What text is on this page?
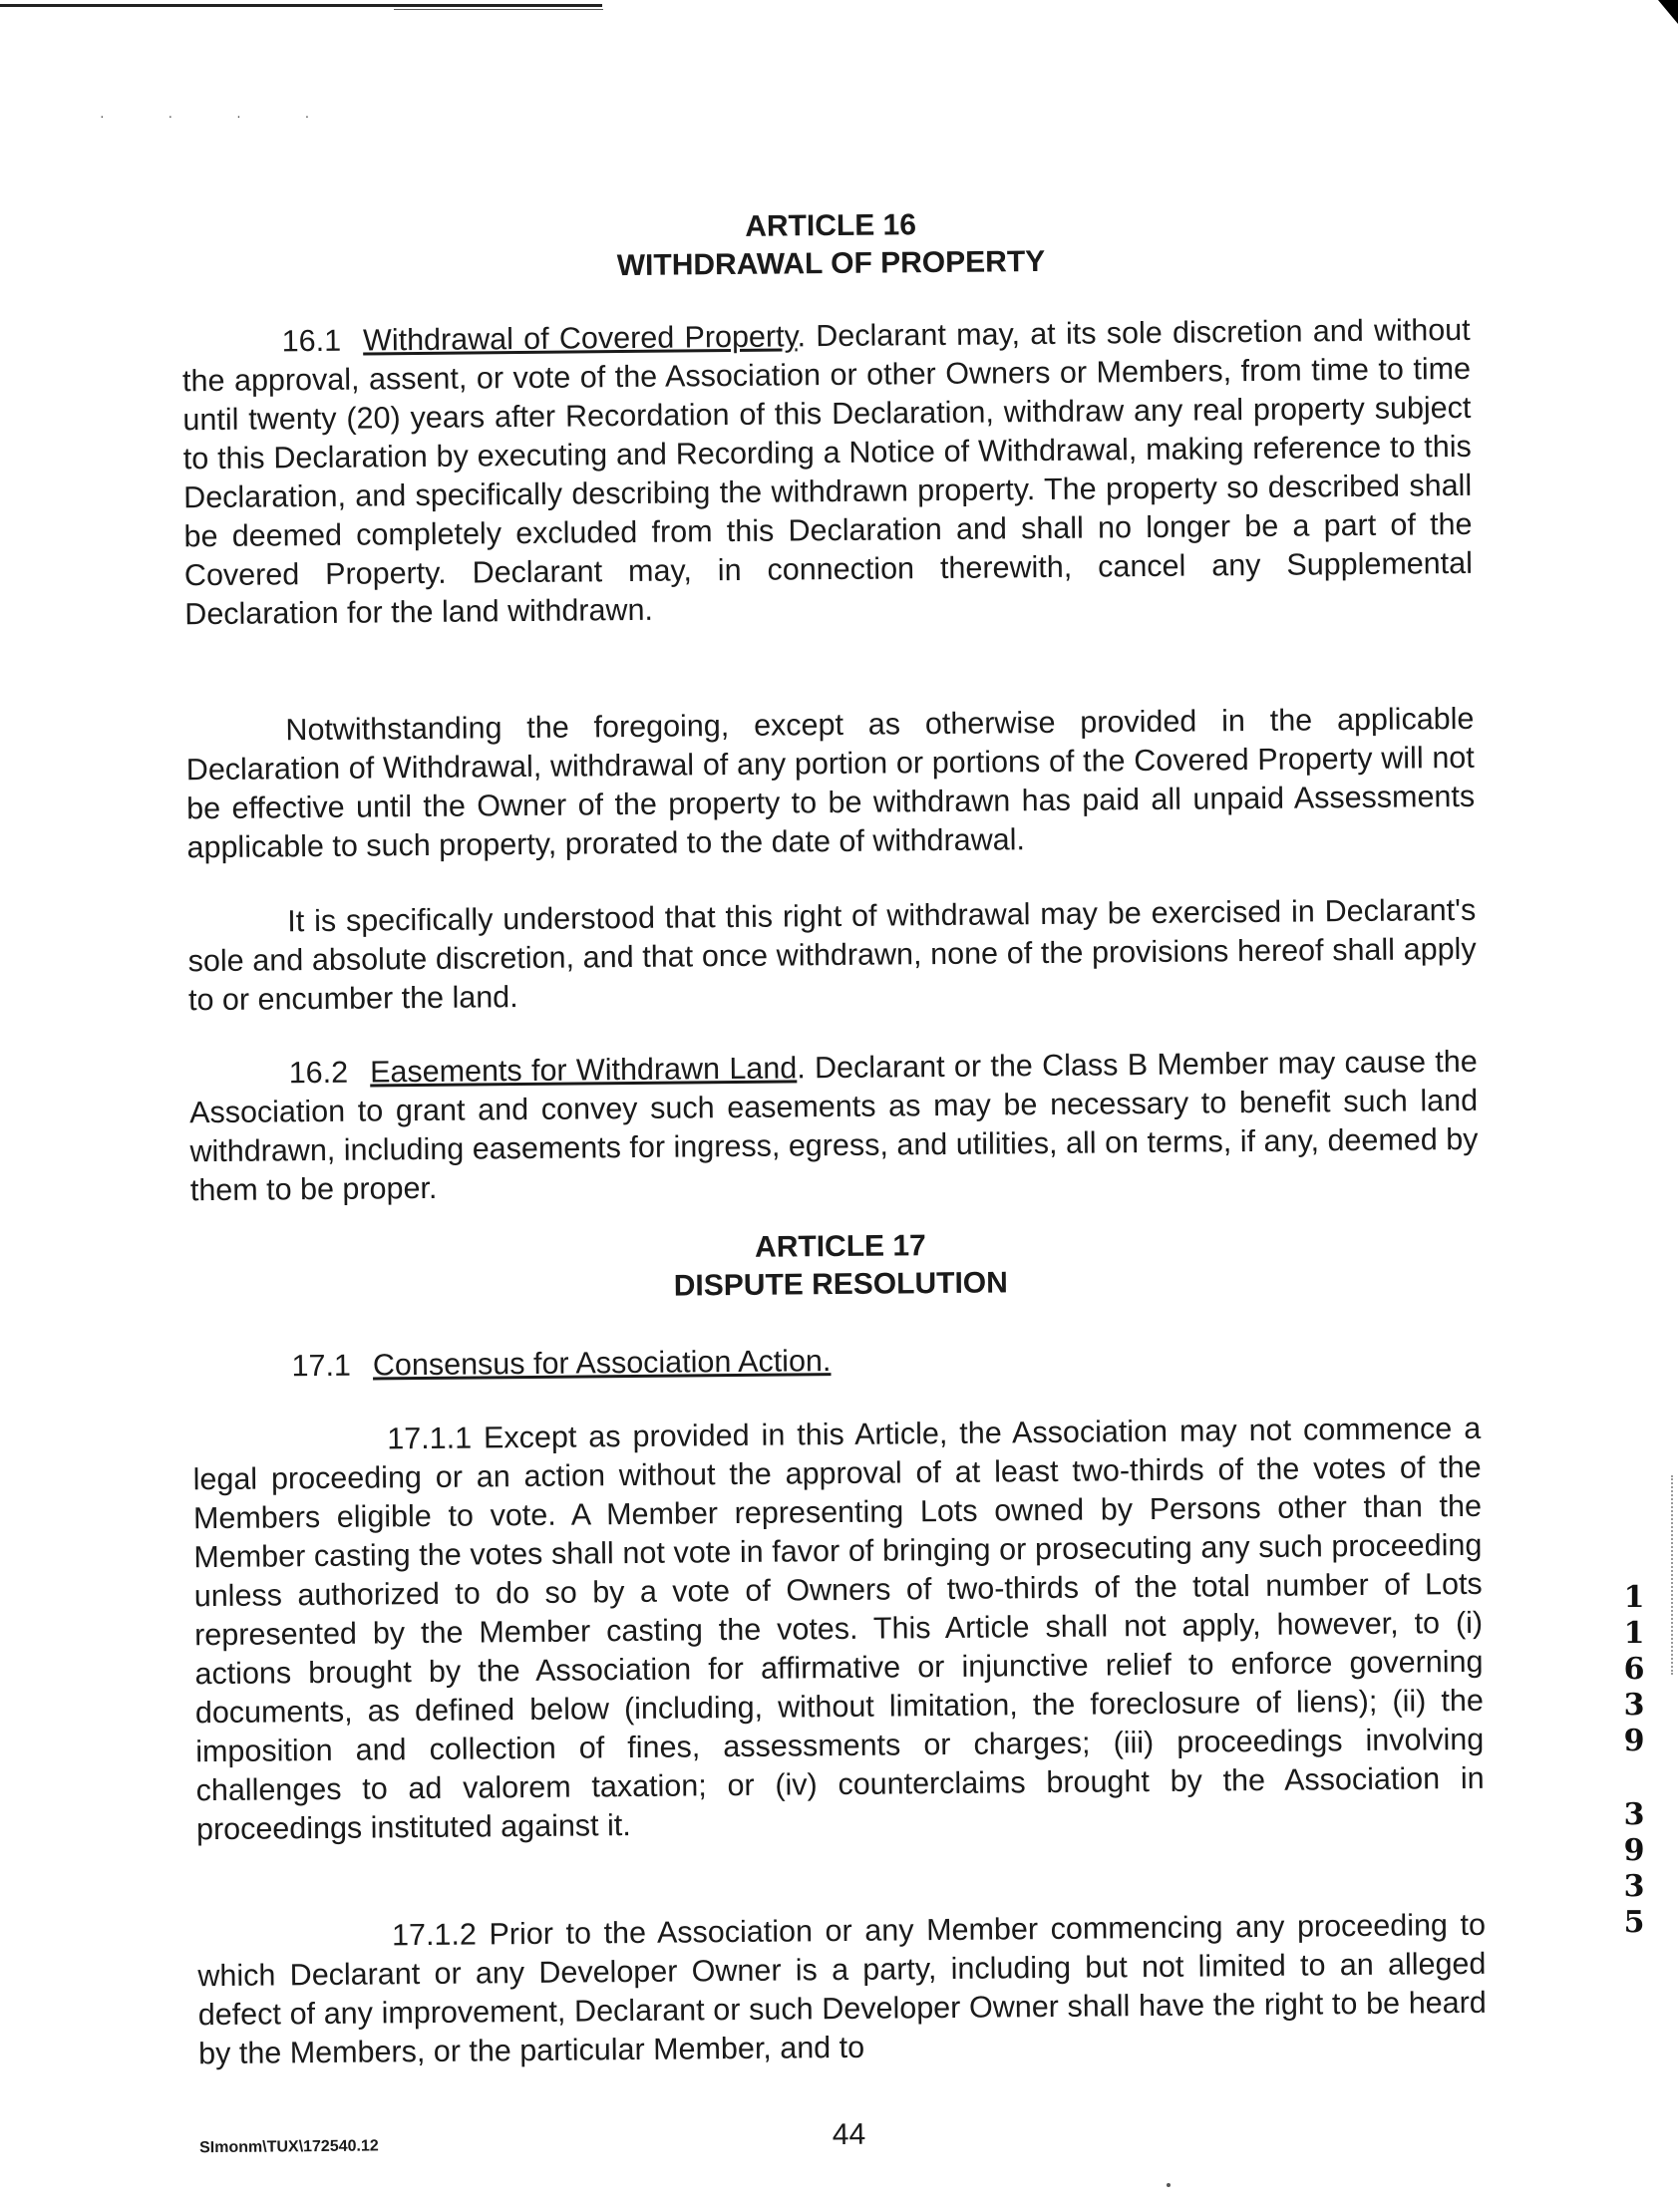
· · · ·
ARTICLE 16
WITHDRAWAL OF PROPERTY

16.1 Withdrawal of Covered Property. Declarant may, at its sole discretion and without the approval, assent, or vote of the Association or other Owners or Members, from time to time until twenty (20) years after Recordation of this Declaration, withdraw any real property subject to this Declaration by executing and Recording a Notice of Withdrawal, making reference to this Declaration, and specifically describing the withdrawn property. The property so described shall be deemed completely excluded from this Declaration and shall no longer be a part of the Covered Property. Declarant may, in connection therewith, cancel any Supplemental Declaration for the land withdrawn.

Notwithstanding the foregoing, except as otherwise provided in the applicable Declaration of Withdrawal, withdrawal of any portion or portions of the Covered Property will not be effective until the Owner of the property to be withdrawn has paid all unpaid Assessments applicable to such property, prorated to the date of withdrawal.

It is specifically understood that this right of withdrawal may be exercised in Declarant's sole and absolute discretion, and that once withdrawn, none of the provisions hereof shall apply to or encumber the land.

16.2 Easements for Withdrawn Land. Declarant or the Class B Member may cause the Association to grant and convey such easements as may be necessary to benefit such land withdrawn, including easements for ingress, egress, and utilities, all on terms, if any, deemed by them to be proper.

ARTICLE 17
DISPUTE RESOLUTION

17.1 Consensus for Association Action.

17.1.1 Except as provided in this Article, the Association may not commence a legal proceeding or an action without the approval of at least two-thirds of the votes of the Members eligible to vote. A Member representing Lots owned by Persons other than the Member casting the votes shall not vote in favor of bringing or prosecuting any such proceeding unless authorized to do so by a vote of Owners of two-thirds of the total number of Lots represented by the Member casting the votes. This Article shall not apply, however, to (i) actions brought by the Association for affirmative or injunctive relief to enforce governing documents, as defined below (including, without limitation, the foreclosure of liens); (ii) the imposition and collection of fines, assessments or charges; (iii) proceedings involving challenges to ad valorem taxation; or (iv) counterclaims brought by the Association in proceedings instituted against it.

17.1.2 Prior to the Association or any Member commencing any proceeding to which Declarant or any Developer Owner is a party, including but not limited to an alleged defect of any improvement, Declarant or such Developer Owner shall have the right to be heard by the Members, or the particular Member, and to

SImonm\TUX\172540.12	44
1
1
6
3
9
3
9
3
5
